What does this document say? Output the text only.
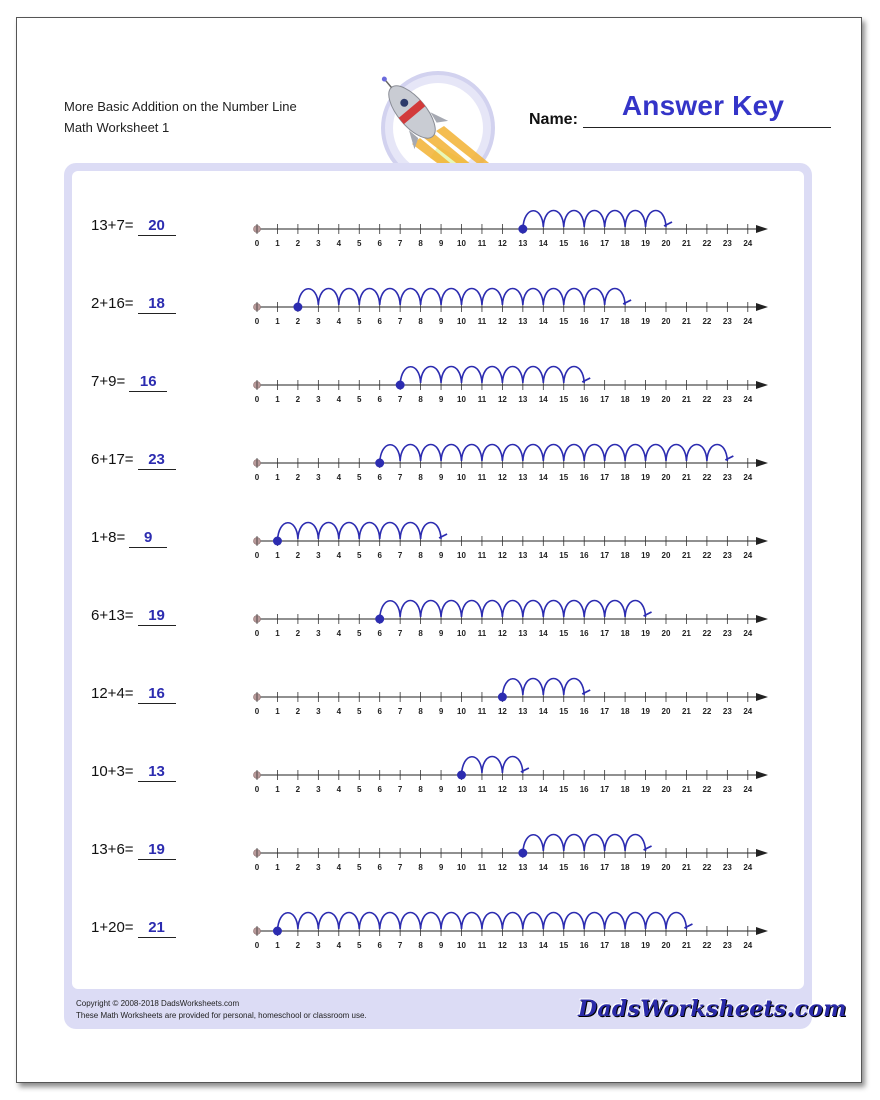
More Basic Addition on the Number Line
Math Worksheet 1	Name:	Answer Key
13+7= 20
0 1 2 3 4 5 6 7 8 9 10 11 12 13 14 15 16 17 18 19 20 21 22 23 24
2+16= 18
0 1 2 3 4 5 6 7 8 9 10 11 12 13 14 15 16 17 18 19 20 21 22 23 24
7+9= 16
0 1 2 3 4 5 6 7 8 9 10 11 12 13 14 15 16 17 18 19 20 21 22 23 24
6+17= 23
0 1 2 3 4 5 6 7 8 9 10 11 12 13 14 15 16 17 18 19 20 21 22 23 24
1+8= 9
0 1 2 3 4 5 6 7 8 9 10 11 12 13 14 15 16 17 18 19 20 21 22 23 24
6+13= 19
0 1 2 3 4 5 6 7 8 9 10 11 12 13 14 15 16 17 18 19 20 21 22 23 24
12+4= 16
0 1 2 3 4 5 6 7 8 9 10 11 12 13 14 15 16 17 18 19 20 21 22 23 24
10+3= 13
0 1 2 3 4 5 6 7 8 9 10 11 12 13 14 15 16 17 18 19 20 21 22 23 24
13+6= 19
0 1 2 3 4 5 6 7 8 9 10 11 12 13 14 15 16 17 18 19 20 21 22 23 24
1+20= 21
0 1 2 3 4 5 6 7 8 9 10 11 12 13 14 15 16 17 18 19 20 21 22 23 24
Copyright © 2008-2018 DadsWorksheets.com
These Math Worksheets are provided for personal, homeschool or classroom use.	DadsWorksheets.com
